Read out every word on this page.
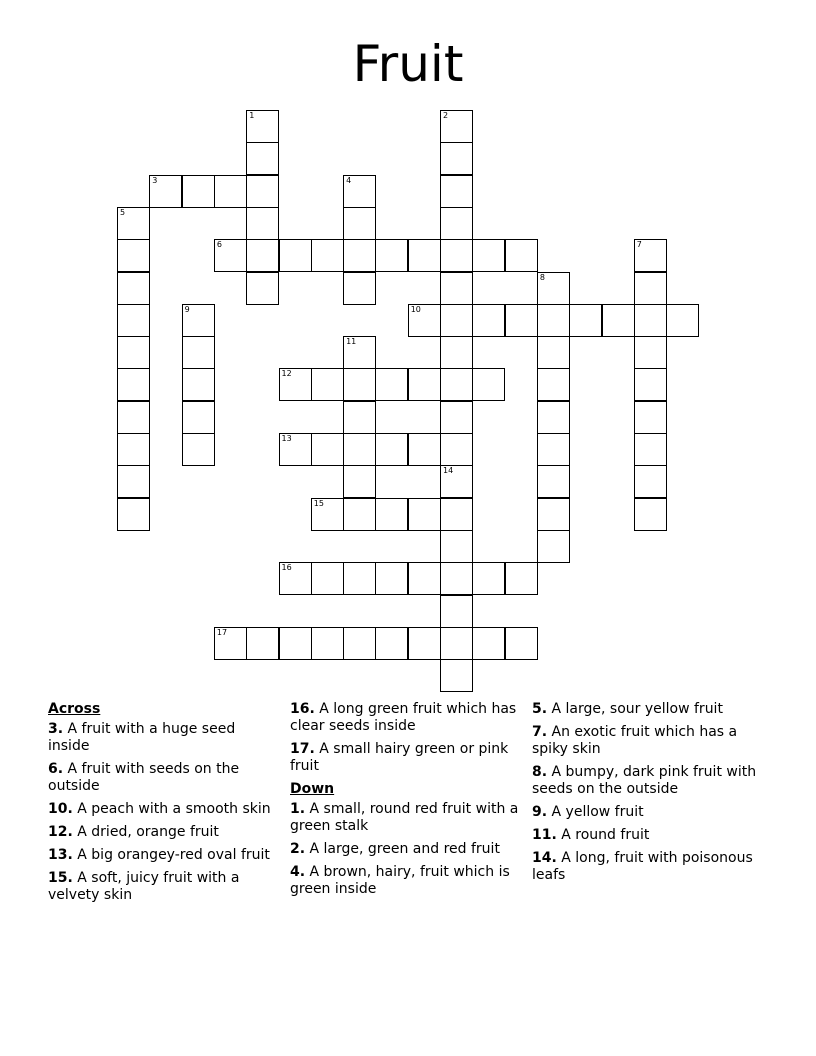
Fruit
1	2
14
3	4
5
6	7
8
9	10
11
12
13
15
16
17
Across
3. A fruit with a huge seed inside
6. A fruit with seeds on the outside
10. A peach with a smooth skin
12. A dried, orange fruit
13. A big orangey-red oval fruit
15. A soft, juicy fruit with a velvety skin
16. A long green fruit which has clear seeds inside
17. A small hairy green or pink fruit
Down
1. A small, round red fruit with a green stalk
2. A large, green and red fruit
4. A brown, hairy, fruit which is green inside
5. A large, sour yellow fruit
7. An exotic fruit which has a spiky skin
8. A bumpy, dark pink fruit with seeds on the outside
9. A yellow fruit
11. A round fruit
14. A long, fruit with poisonous leafs
